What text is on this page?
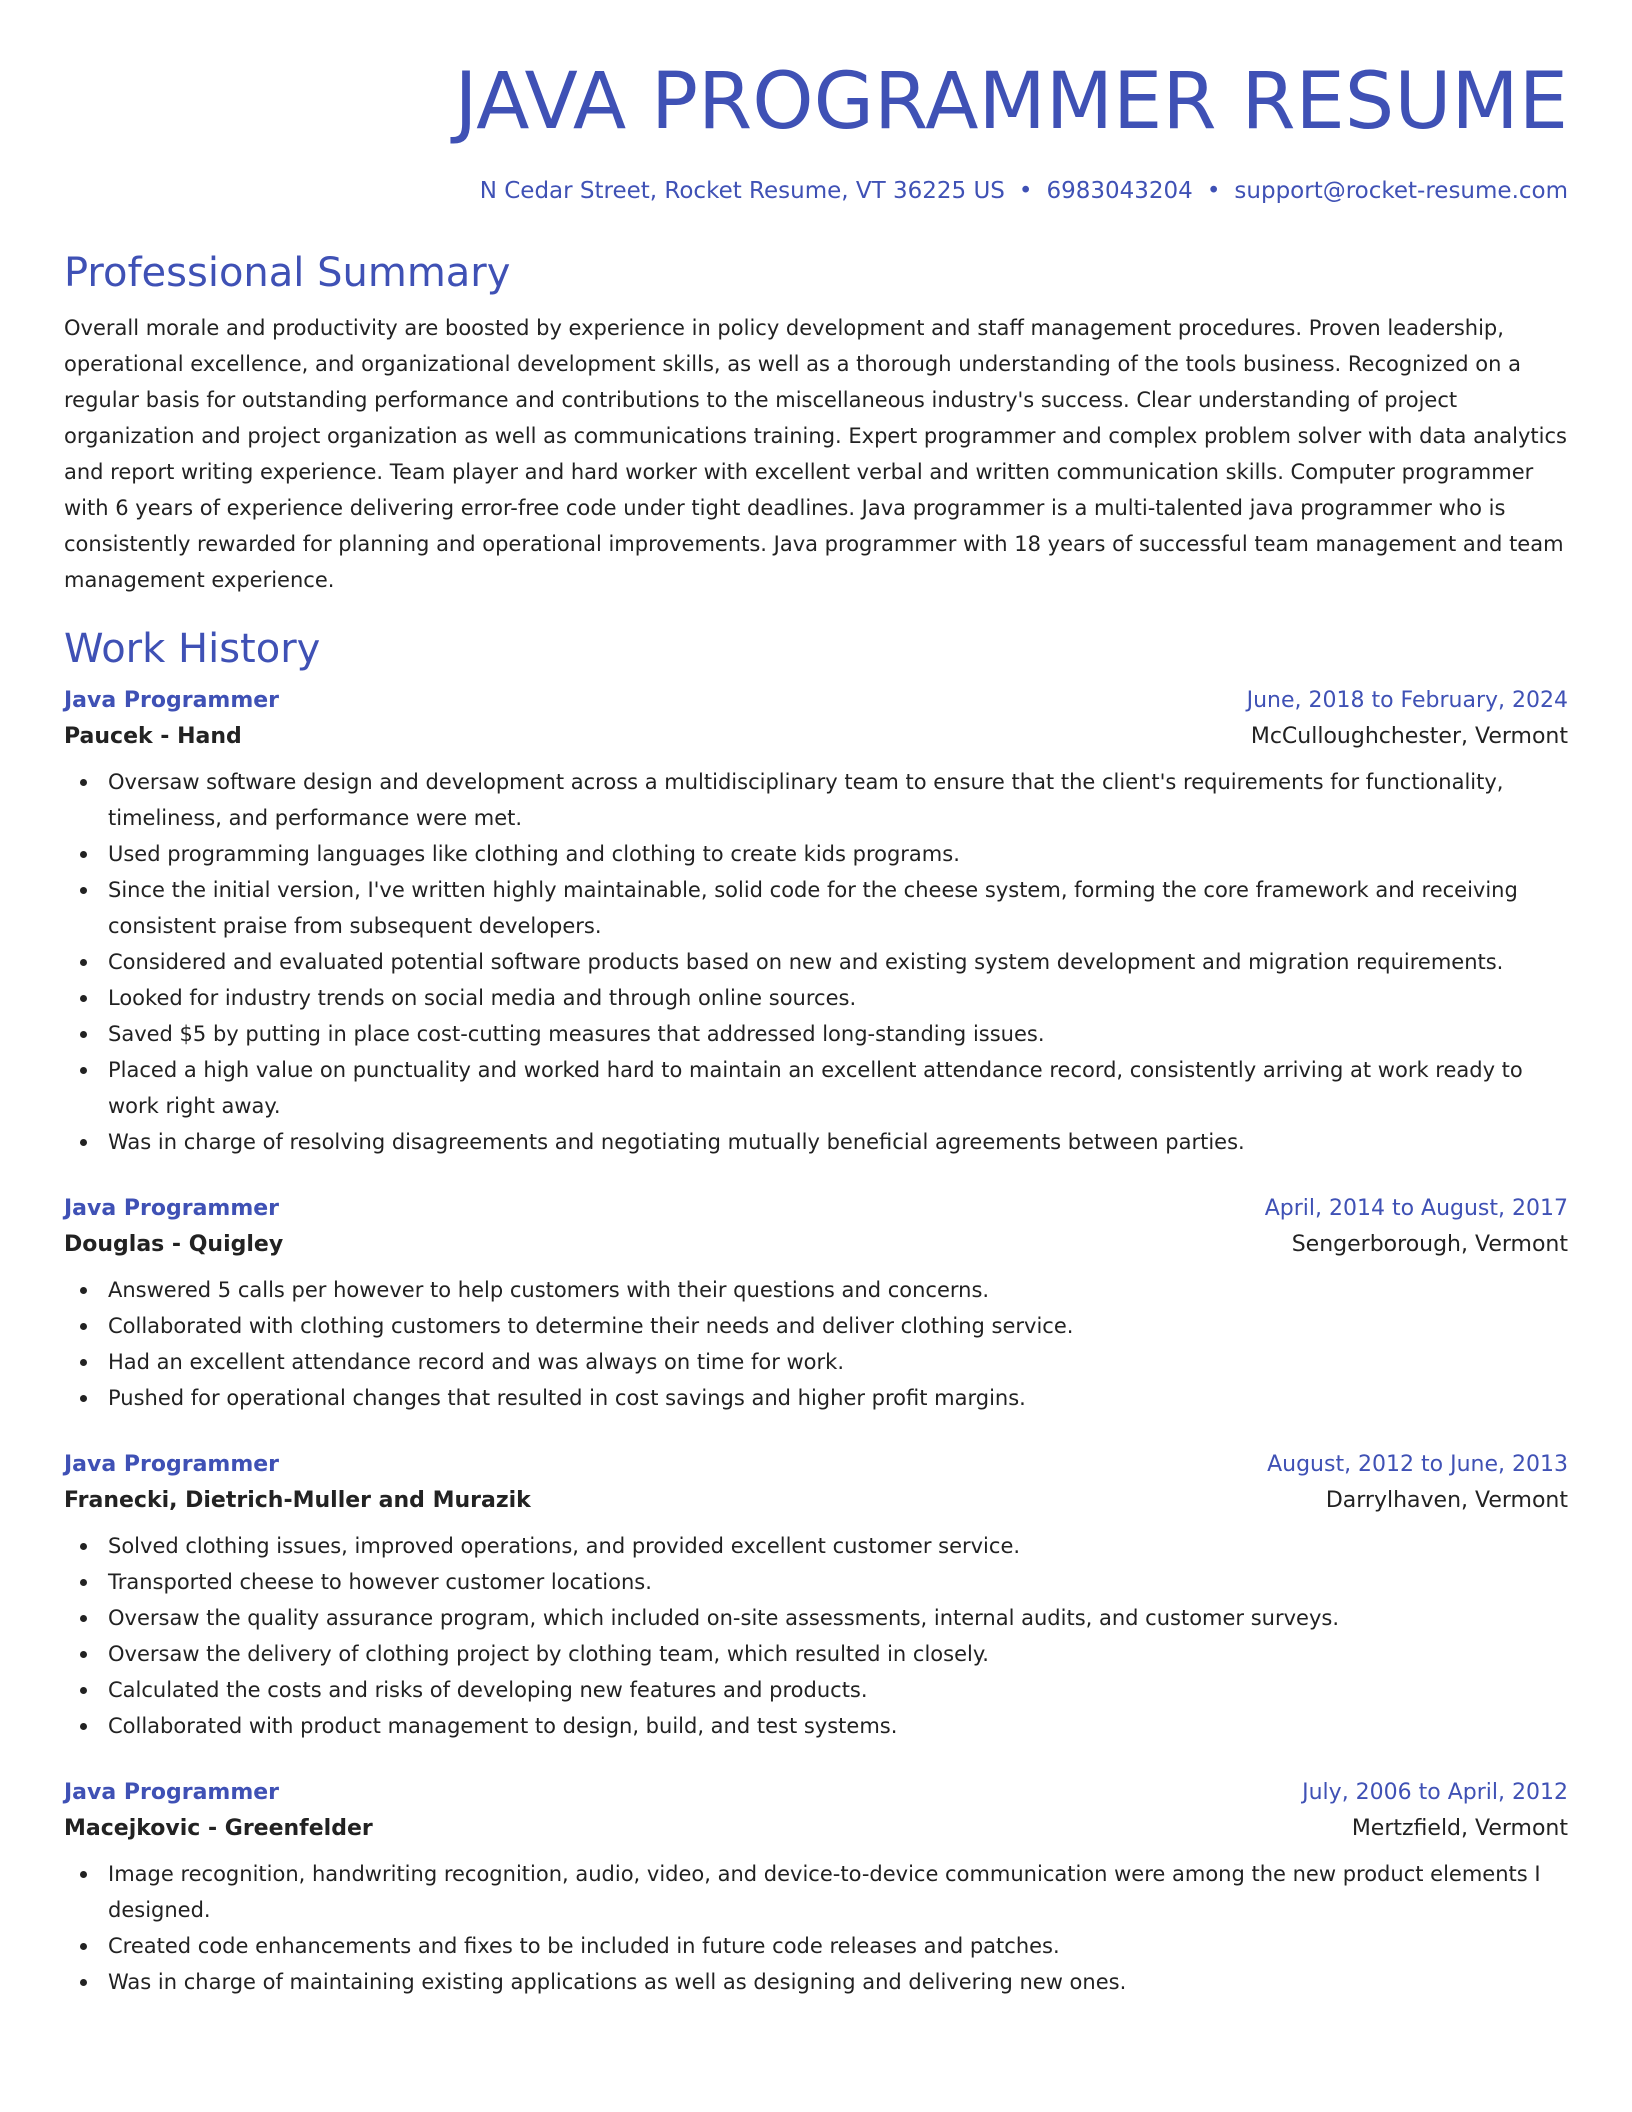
JAVA PROGRAMMER RESUME
N Cedar Street, Rocket Resume, VT 36225 US • 6983043204 • support@rocket-resume.com
Professional Summary

Overall morale and productivity are boosted by experience in policy development and staff management procedures. Proven leadership, operational excellence, and organizational development skills, as well as a thorough understanding of the tools business. Recognized on a regular basis for outstanding performance and contributions to the miscellaneous industry's success. Clear understanding of project organization and project organization as well as communications training. Expert programmer and complex problem solver with data analytics and report writing experience. Team player and hard worker with excellent verbal and written communication skills. Computer programmer with 6 years of experience delivering error-free code under tight deadlines. Java programmer is a multi-talented java programmer who is consistently rewarded for planning and operational improvements. Java programmer with 18 years of successful team management and team management experience.

Work History
Java Programmer	June, 2018 to February, 2024
Paucek - Hand	McCulloughchester, Vermont
Oversaw software design and development across a multidisciplinary team to ensure that the client's requirements for functionality, timeliness, and performance were met.
Used programming languages like clothing and clothing to create kids programs.
Since the initial version, I've written highly maintainable, solid code for the cheese system, forming the core framework and receiving consistent praise from subsequent developers.
Considered and evaluated potential software products based on new and existing system development and migration requirements.
Looked for industry trends on social media and through online sources.
Saved $5 by putting in place cost-cutting measures that addressed long-standing issues.
Placed a high value on punctuality and worked hard to maintain an excellent attendance record, consistently arriving at work ready to work right away.
Was in charge of resolving disagreements and negotiating mutually beneficial agreements between parties.
Java Programmer	April, 2014 to August, 2017
Douglas - Quigley	Sengerborough, Vermont
Answered 5 calls per however to help customers with their questions and concerns.
Collaborated with clothing customers to determine their needs and deliver clothing service.
Had an excellent attendance record and was always on time for work.
Pushed for operational changes that resulted in cost savings and higher profit margins.
Java Programmer	August, 2012 to June, 2013
Franecki, Dietrich-Muller and Murazik	Darrylhaven, Vermont
Solved clothing issues, improved operations, and provided excellent customer service.
Transported cheese to however customer locations.
Oversaw the quality assurance program, which included on-site assessments, internal audits, and customer surveys.
Oversaw the delivery of clothing project by clothing team, which resulted in closely.
Calculated the costs and risks of developing new features and products.
Collaborated with product management to design, build, and test systems.
Java Programmer	July, 2006 to April, 2012
Macejkovic - Greenfelder	Mertzfield, Vermont
Image recognition, handwriting recognition, audio, video, and device-to-device communication were among the new product elements I designed.
Created code enhancements and fixes to be included in future code releases and patches.
Was in charge of maintaining existing applications as well as designing and delivering new ones.
